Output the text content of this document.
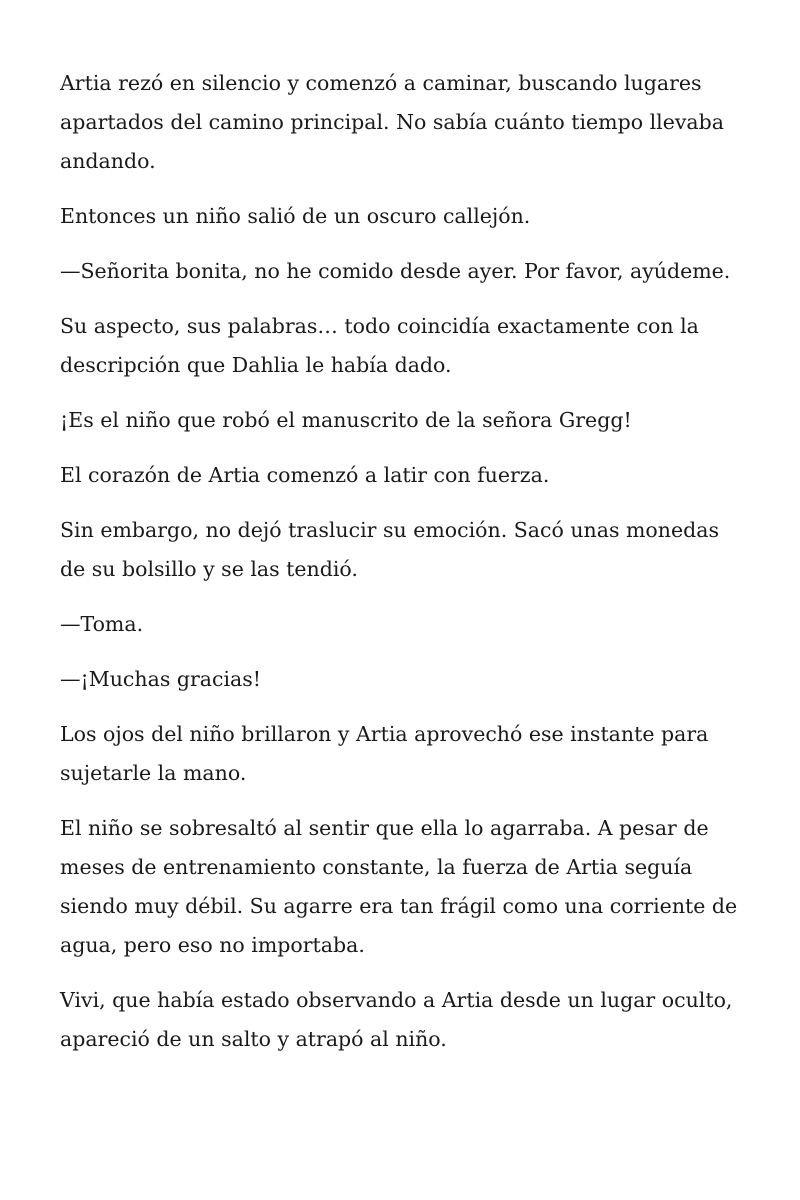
Artia rezó en silencio y comenzó a caminar, buscando lugares apartados del camino principal. No sabía cuánto tiempo llevaba andando.

Entonces un niño salió de un oscuro callejón.

—Señorita bonita, no he comido desde ayer. Por favor, ayúdeme.

Su aspecto, sus palabras… todo coincidía exactamente con la descripción que Dahlia le había dado.

¡Es el niño que robó el manuscrito de la señora Gregg!

El corazón de Artia comenzó a latir con fuerza.

Sin embargo, no dejó traslucir su emoción. Sacó unas monedas de su bolsillo y se las tendió.

—Toma.

—¡Muchas gracias!

Los ojos del niño brillaron y Artia aprovechó ese instante para sujetarle la mano.

El niño se sobresaltó al sentir que ella lo agarraba. A pesar de meses de entrenamiento constante, la fuerza de Artia seguía siendo muy débil. Su agarre era tan frágil como una corriente de agua, pero eso no importaba.

Vivi, que había estado observando a Artia desde un lugar oculto, apareció de un salto y atrapó al niño.
